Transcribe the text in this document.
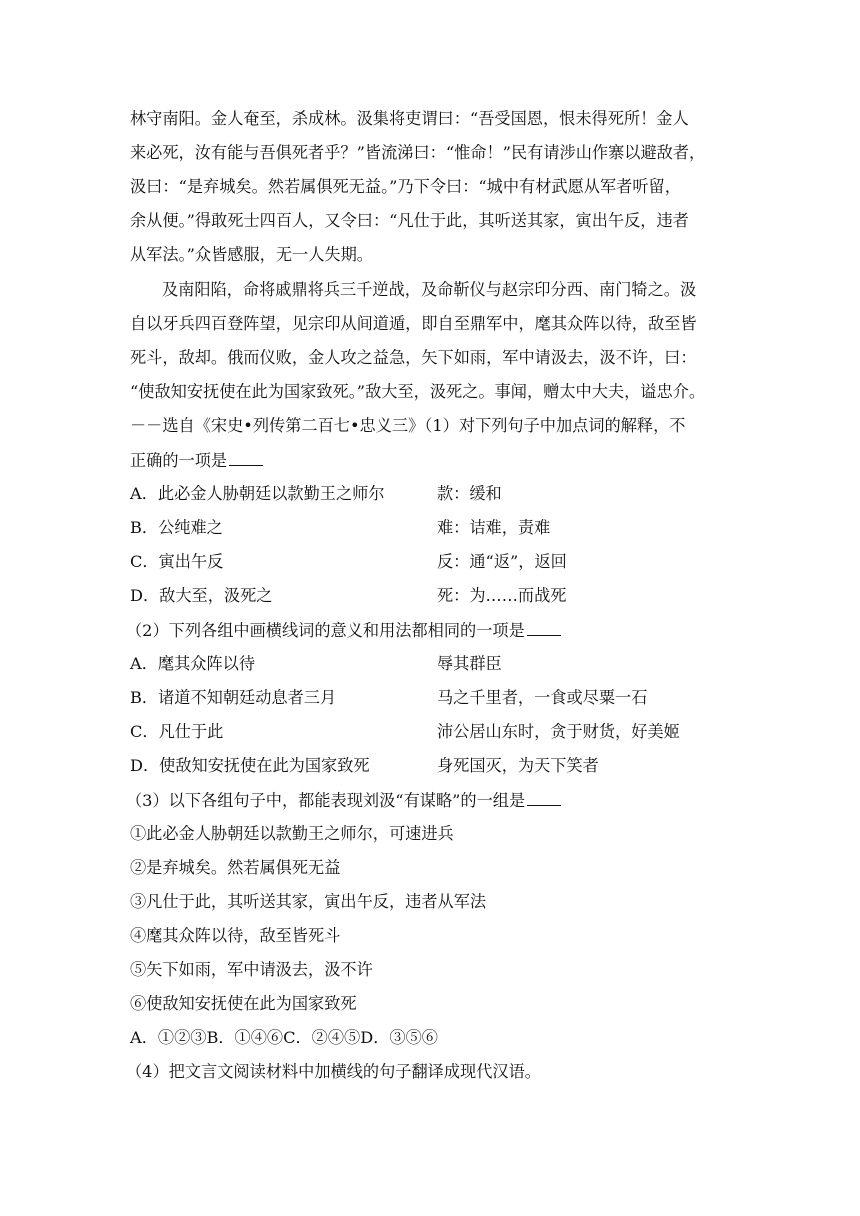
林守南阳。金人奄至，杀成林。汲集将吏谓曰：“吾受国恩，恨未得死所！金人
来必死，汝有能与吾俱死者乎？”皆流涕曰：“惟命！”民有请涉山作寨以避敌者，
汲曰：“是弃城矣。然若属俱死无益。”乃下令曰：“城中有材武愿从军者听留，
余从便。”得敢死士四百人，又令曰：“凡仕于此，其听送其家，寅出午反，违者
从军法。”众皆感服，无一人失期。
及南阳陷，命将戚鼎将兵三千逆战，及命靳仪与赵宗印分西、南门犄之。汲
自以牙兵四百登阵望，见宗印从间道遁，即自至鼎军中，麾其众阵以待，敌至皆
死斗，敌却。俄而仪败，金人攻之益急，矢下如雨，军中请汲去，汲不许，曰：
“使敌知安抚使在此为国家致死。”敌大至，汲死之。事闻，赠太中大夫，谥忠介。
－－选自《宋史•列传第二百七•忠义三》（1）对下列句子中加点词的解释，不
正确的一项是
A．此必金人胁朝廷以款勤王之师尔	款：缓和
B．公纯难之	难：诘难，责难
C．寅出午反	反：通“返”，返回
D．敌大至，汲死之	死：为……而战死
（2）下列各组中画横线词的意义和用法都相同的一项是
A．麾其众阵以待	辱其群臣
B．诸道不知朝廷动息者三月	马之千里者，一食或尽粟一石
C．凡仕于此	沛公居山东时，贪于财货，好美姬
D．使敌知安抚使在此为国家致死	身死国灭，为天下笑者
（3）以下各组句子中，都能表现刘汲“有谋略”的一组是
①此必金人胁朝廷以款勤王之师尔，可速进兵
②是弃城矣。然若属俱死无益
③凡仕于此，其听送其家，寅出午反，违者从军法
④麾其众阵以待，敌至皆死斗
⑤矢下如雨，军中请汲去，汲不许
⑥使敌知安抚使在此为国家致死
A．①②③B．①④⑥C．②④⑤D．③⑤⑥
（4）把文言文阅读材料中加横线的句子翻译成现代汉语。
